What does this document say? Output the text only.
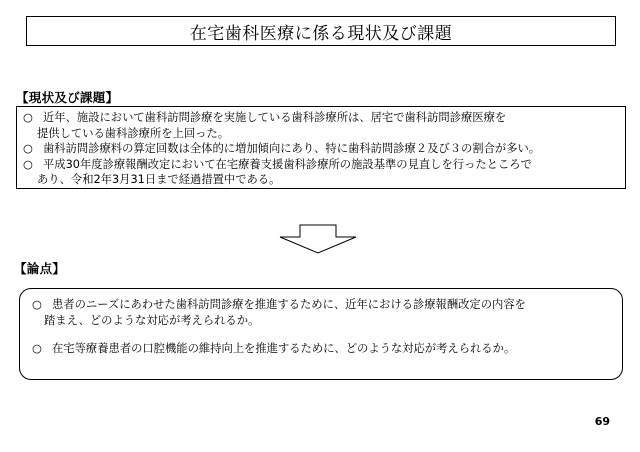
在宅歯科医療に係る現状及び課題
【現状及び課題】
○ 近年、施設において歯科訪問診療を実施している歯科診療所は、居宅で歯科訪問診療医療を
提供している歯科診療所を上回った。
○ 歯科訪問診療料の算定回数は全体的に増加傾向にあり、特に歯科訪問診療２及び３の割合が多い。
○ 平成30年度診療報酬改定において在宅療養支援歯科診療所の施設基準の見直しを行ったところで
あり、令和2年3月31日まで経過措置中である。
【論点】
○ 患者のニーズにあわせた歯科訪問診療を推進するために、近年における診療報酬改定の内容を
踏まえ、どのような対応が考えられるか。
○ 在宅等療養患者の口腔機能の維持向上を推進するために、どのような対応が考えられるか。
69
